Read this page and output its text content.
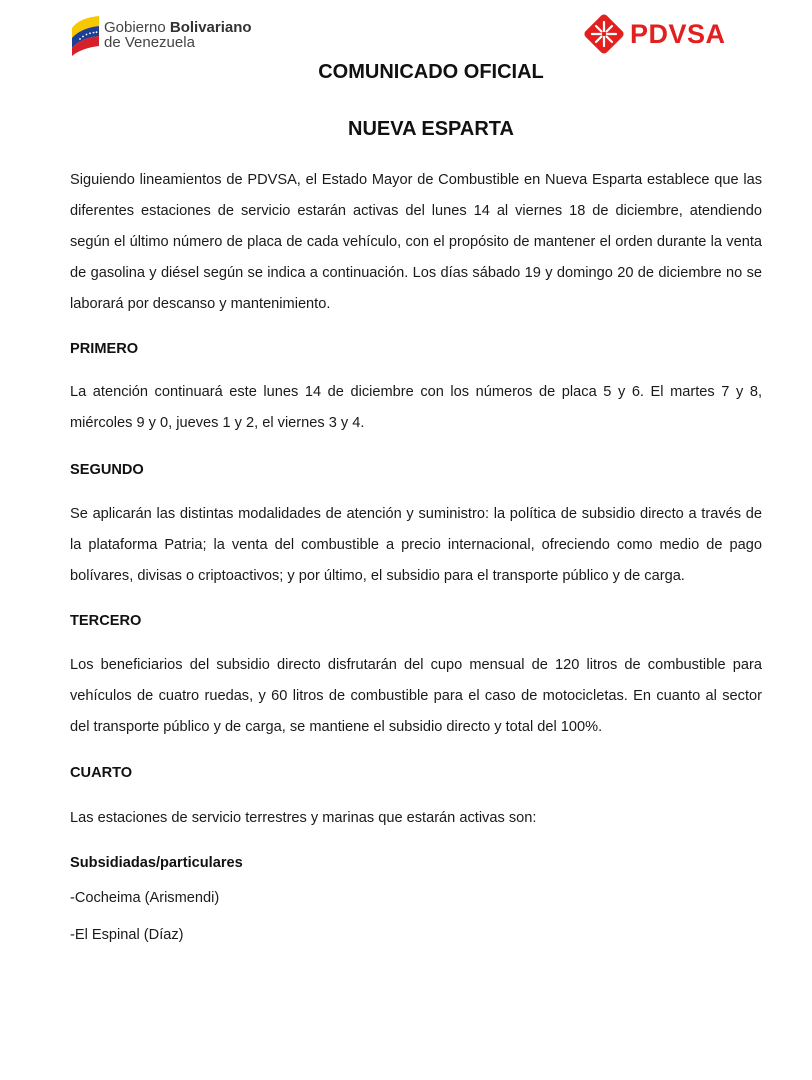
Gobierno Bolivariano
de Venezuela	PDVSA
COMUNICADO OFICIAL
NUEVA ESPARTA

Siguiendo lineamientos de PDVSA, el Estado Mayor de Combustible en Nueva Esparta establece que las diferentes estaciones de servicio estarán activas del lunes 14 al viernes 18 de diciembre, atendiendo según el último número de placa de cada vehículo, con el propósito de mantener el orden durante la venta de gasolina y diésel según se indica a continuación. Los días sábado 19 y domingo 20 de diciembre no se laborará por descanso y mantenimiento.

PRIMERO

La atención continuará este lunes 14 de diciembre con los números de placa 5 y 6. El martes 7 y 8, miércoles 9 y 0, jueves 1 y 2, el viernes 3 y 4.

SEGUNDO

Se aplicarán las distintas modalidades de atención y suministro: la política de subsidio directo a través de la plataforma Patria; la venta del combustible a precio internacional, ofreciendo como medio de pago bolívares, divisas o criptoactivos; y por último, el subsidio para el transporte público y de carga.

TERCERO

Los beneficiarios del subsidio directo disfrutarán del cupo mensual de 120 litros de combustible para vehículos de cuatro ruedas, y 60 litros de combustible para el caso de motocicletas. En cuanto al sector del transporte público y de carga, se mantiene el subsidio directo y total del 100%.

CUARTO

Las estaciones de servicio terrestres y marinas que estarán activas son:

Subsidiadas/particulares

-Cocheima (Arismendi)

-El Espinal (Díaz)
